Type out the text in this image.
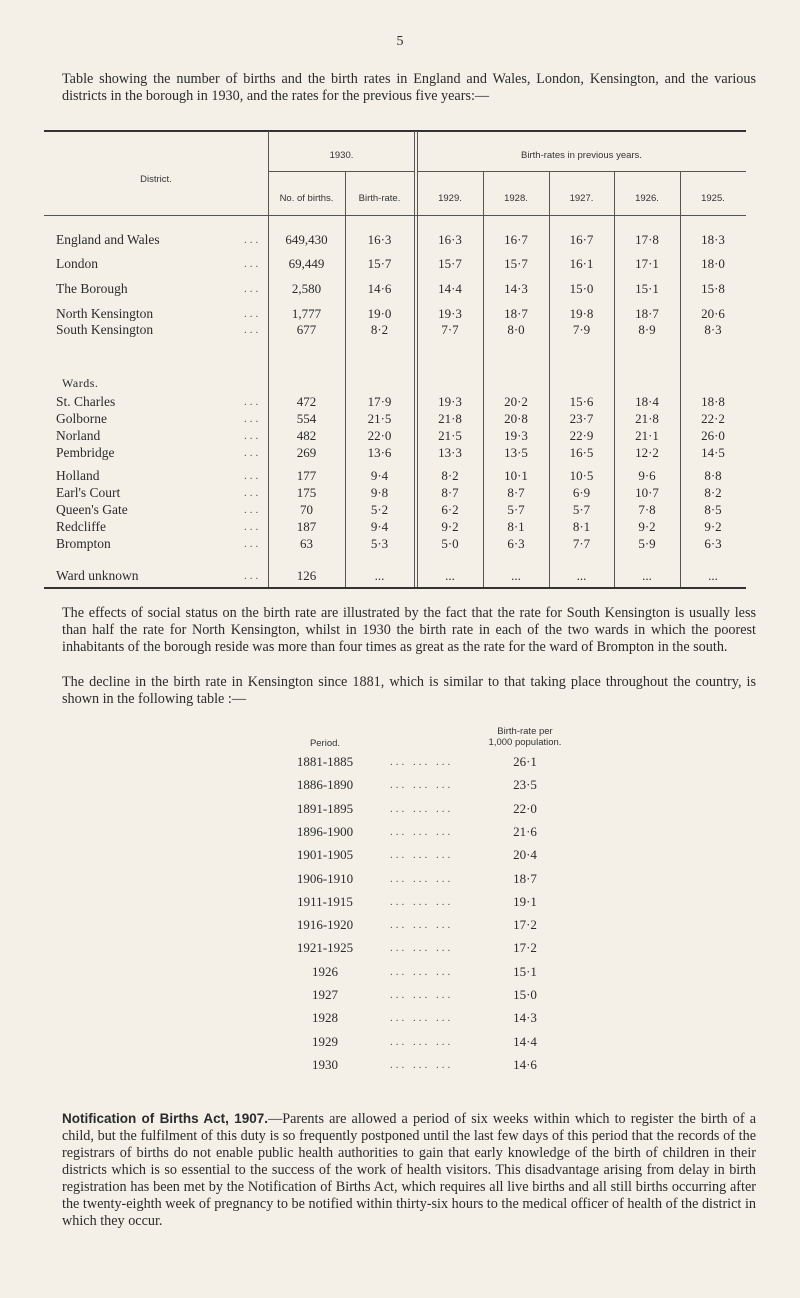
5
Table showing the number of births and the birth rates in England and Wales, London, Kensington, and the various districts in the borough in 1930, and the rates for the previous five years:—
District.
1930.	Birth-rates in previous years.
No. of births.	Birth-rate.	1929.	1928.	1927.	1926.	1925.
Wards.
England and Wales	...	649,430	16·3	16·3	16·7	16·7	17·8	18·3
London	...	69,449	15·7	15·7	15·7	16·1	17·1	18·0
The Borough	...	2,580	14·6	14·4	14·3	15·0	15·1	15·8
North Kensington	...	1,777	19·0	19·3	18·7	19·8	18·7	20·6
South Kensington	...	677	8·2	7·7	8·0	7·9	8·9	8·3
St. Charles	...	472	17·9	19·3	20·2	15·6	18·4	18·8
Golborne	...	554	21·5	21·8	20·8	23·7	21·8	22·2
Norland	...	482	22·0	21·5	19·3	22·9	21·1	26·0
Pembridge	...	269	13·6	13·3	13·5	16·5	12·2	14·5
Holland	...	177	9·4	8·2	10·1	10·5	9·6	8·8
Earl's Court	...	175	9·8	8·7	8·7	6·9	10·7	8·2
Queen's Gate	...	70	5·2	6·2	5·7	5·7	7·8	8·5
Redcliffe	...	187	9·4	9·2	8·1	8·1	9·2	9·2
Brompton	...	63	5·3	5·0	6·3	7·7	5·9	6·3
Ward unknown	...	126	...	...	...	...	...	...
The effects of social status on the birth rate are illustrated by the fact that the rate for South Kensington is usually less than half the rate for North Kensington, whilst in 1930 the birth rate in each of the two wards in which the poorest inhabitants of the borough reside was more than four times as great as the rate for the ward of Brompton in the south.
The decline in the birth rate in Kensington since 1881, which is similar to that taking place throughout the country, is shown in the following table :—
Period.
Birth-rate per
1,000 population.
1881-1885	... ... ...	26·1
1886-1890	... ... ...	23·5
1891-1895	... ... ...	22·0
1896-1900	... ... ...	21·6
1901-1905	... ... ...	20·4
1906-1910	... ... ...	18·7
1911-1915	... ... ...	19·1
1916-1920	... ... ...	17·2
1921-1925	... ... ...	17·2
1926	... ... ...	15·1
1927	... ... ...	15·0
1928	... ... ...	14·3
1929	... ... ...	14·4
1930	... ... ...	14·6
Notification of Births Act, 1907.—Parents are allowed a period of six weeks within which to register the birth of a child, but the fulfilment of this duty is so frequently postponed until the last few days of this period that the records of the registrars of births do not enable public health authorities to gain that early knowledge of the birth of children in their districts which is so essential to the success of the work of health visitors. This disadvantage arising from delay in birth registration has been met by the Notification of Births Act, which requires all live births and all still births occurring after the twenty-eighth week of pregnancy to be notified within thirty-six hours to the medical officer of health of the district in which they occur.
